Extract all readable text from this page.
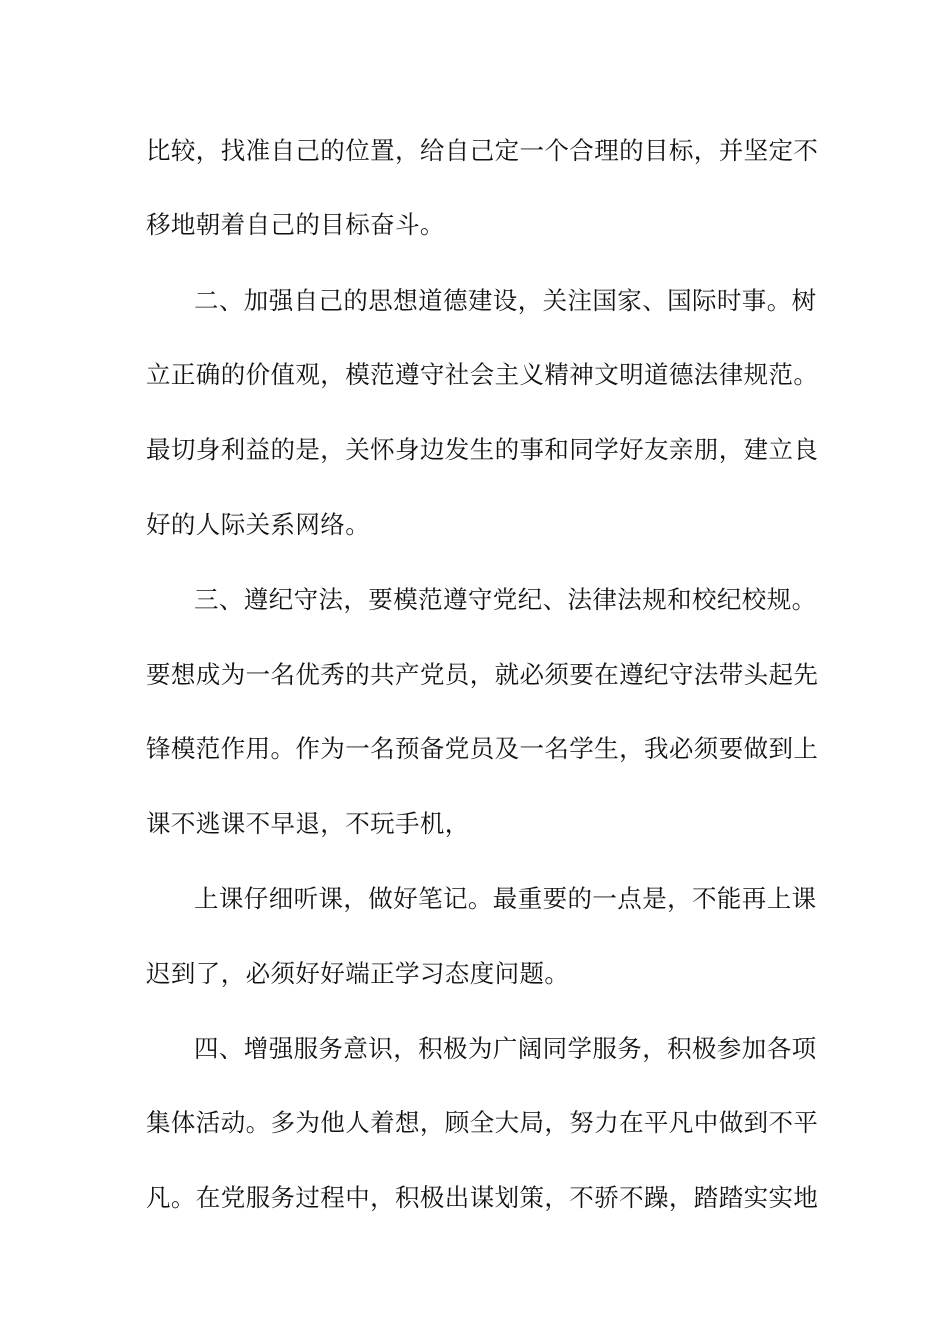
比较，找准自己的位置，给自己定一个合理的目标，并坚定不
移地朝着自己的目标奋斗。
二、加强自己的思想道德建设，关注国家、国际时事。树
立正确的价值观，模范遵守社会主义精神文明道德法律规范。
最切身利益的是，关怀身边发生的事和同学好友亲朋，建立良
好的人际关系网络。
三、遵纪守法，要模范遵守党纪、法律法规和校纪校规。
要想成为一名优秀的共产党员，就必须要在遵纪守法带头起先
锋模范作用。作为一名预备党员及一名学生，我必须要做到上
课不逃课不早退，不玩手机，
上课仔细听课，做好笔记。最重要的一点是，不能再上课
迟到了，必须好好端正学习态度问题。
四、增强服务意识，积极为广阔同学服务，积极参加各项
集体活动。多为他人着想，顾全大局，努力在平凡中做到不平
凡。在党服务过程中，积极出谋划策，不骄不躁，踏踏实实地
